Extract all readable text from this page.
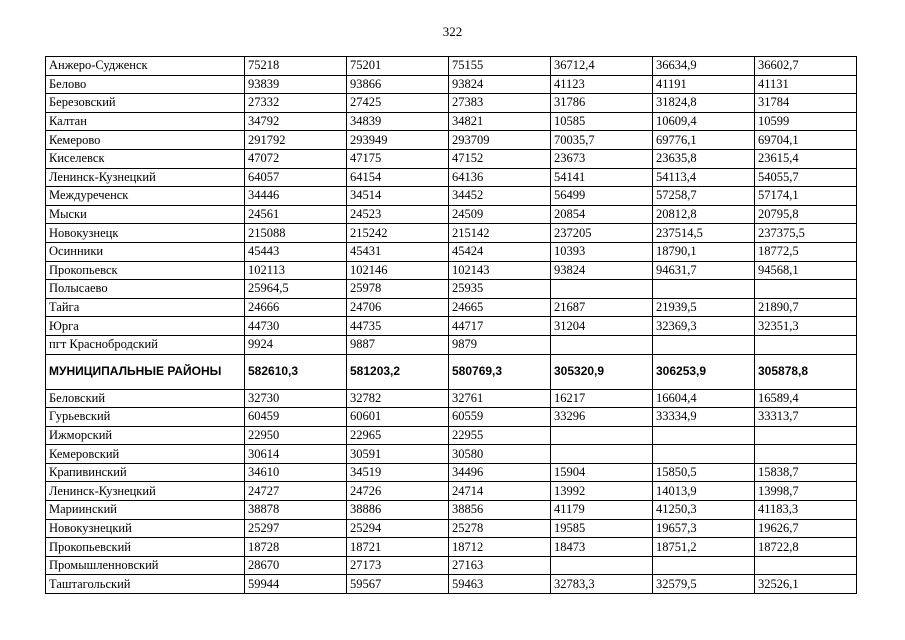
322
Анжеро-Судженск	75218	75201	75155	36712,4	36634,9	36602,7
Белово	93839	93866	93824	41123	41191	41131
Березовский	27332	27425	27383	31786	31824,8	31784
Калтан	34792	34839	34821	10585	10609,4	10599
Кемерово	291792	293949	293709	70035,7	69776,1	69704,1
Киселевск	47072	47175	47152	23673	23635,8	23615,4
Ленинск-Кузнецкий	64057	64154	64136	54141	54113,4	54055,7
Междуреченск	34446	34514	34452	56499	57258,7	57174,1
Мыски	24561	24523	24509	20854	20812,8	20795,8
Новокузнецк	215088	215242	215142	237205	237514,5	237375,5
Осинники	45443	45431	45424	10393	18790,1	18772,5
Прокопьевск	102113	102146	102143	93824	94631,7	94568,1
Полысаево	25964,5	25978	25935			
Тайга	24666	24706	24665	21687	21939,5	21890,7
Юрга	44730	44735	44717	31204	32369,3	32351,3
пгт Краснобродский	9924	9887	9879			
МУНИЦИПАЛЬНЫЕ РАЙОНЫ	582610,3	581203,2	580769,3	305320,9	306253,9	305878,8
Беловский	32730	32782	32761	16217	16604,4	16589,4
Гурьевский	60459	60601	60559	33296	33334,9	33313,7
Ижморский	22950	22965	22955			
Кемеровский	30614	30591	30580			
Крапивинский	34610	34519	34496	15904	15850,5	15838,7
Ленинск-Кузнецкий	24727	24726	24714	13992	14013,9	13998,7
Мариинский	38878	38886	38856	41179	41250,3	41183,3
Новокузнецкий	25297	25294	25278	19585	19657,3	19626,7
Прокопьевский	18728	18721	18712	18473	18751,2	18722,8
Промышленновский	28670	27173	27163			
Таштагольский	59944	59567	59463	32783,3	32579,5	32526,1
